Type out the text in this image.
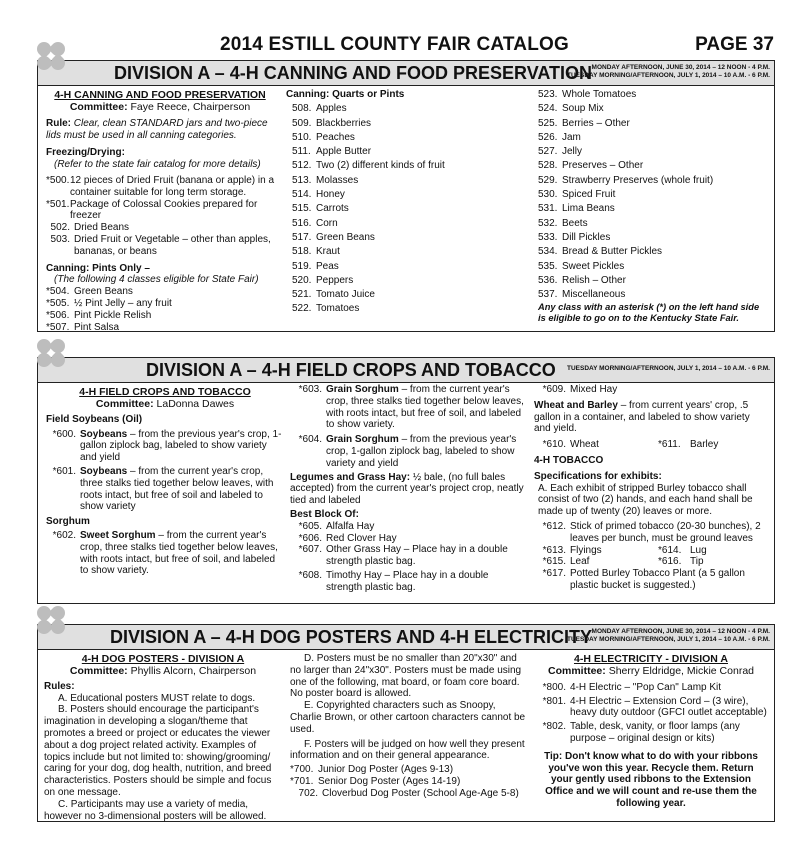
2014 ESTILL COUNTY FAIR CATALOG	PAGE 37
DIVISION A – 4-H CANNING AND FOOD PRESERVATION MONDAY AFTERNOON, JUNE 30, 2014 – 12 NOON - 4 P.M.
TUESDAY MORNING/AFTERNOON, JULY 1, 2014 – 10 A.M. - 6 P.M.
4-H CANNING AND FOOD PRESERVATION
Committee: Faye Reece, Chairperson

Rule: Clear, clean STANDARD jars and two-piece lids must be used in all canning categories.

Freezing/Drying:

(Refer to the state fair catalog for more details)

*500. 12 pieces of Dried Fruit (banana or apple) in a container suitable for long term storage.
*501. Package of Colossal Cookies prepared for freezer
502. Dried Beans
503. Dried Fruit or Vegetable – other than apples, bananas, or beans

Canning: Pints Only –

(The following 4 classes eligible for State Fair)

*504. Green Beans
*505. ½ Pint Jelly – any fruit
*506. Pint Pickle Relish
*507. Pint Salsa

Canning: Quarts or Pints

508. Apples
509. Blackberries
510. Peaches
511. Apple Butter
512. Two (2) different kinds of fruit
513. Molasses
514. Honey
515. Carrots
516. Corn
517. Green Beans
518. Kraut
519. Peas
520. Peppers
521. Tomato Juice
522. Tomatoes
523. Whole Tomatoes
524. Soup Mix
525. Berries – Other
526. Jam
527. Jelly
528. Preserves – Other
529. Strawberry Preserves (whole fruit)
530. Spiced Fruit
531. Lima Beans
532. Beets
533. Dill Pickles
534. Bread & Butter Pickles
535. Sweet Pickles
536. Relish – Other
537. Miscellaneous

Any class with an asterisk (*) on the left hand side is eligible to go on to the Kentucky State Fair.

DIVISION A – 4-H FIELD CROPS AND TOBACCO TUESDAY MORNING/AFTERNOON, JULY 1, 2014 – 10 A.M. - 6 P.M.
4-H FIELD CROPS AND TOBACCO
Committee: LaDonna Dawes

Field Soybeans (Oil)

*600. Soybeans – from the previous year's crop, 1-gallon ziplock bag, labeled to show variety and yield
*601. Soybeans – from the current year's crop, three stalks tied together below leaves, with roots intact, but free of soil and labeled to show variety

Sorghum

*602. Sweet Sorghum – from the current year's crop, three stalks tied together below leaves, with roots intact, but free of soil, and labeled to show variety.
*603. Grain Sorghum – from the current year's crop, three stalks tied together below leaves, with roots intact, but free of soil, and labeled to show variety.
*604. Grain Sorghum – from the previous year's crop, 1-gallon ziplock bag, labeled to show variety and yield

Legumes and Grass Hay: ½ bale, (no full bales accepted) from the current year's project crop, neatly tied and labeled

Best Block Of:

*605. Alfalfa Hay
*606. Red Clover Hay
*607. Other Grass Hay – Place hay in a double strength plastic bag.
*608. Timothy Hay – Place hay in a double strength plastic bag.
*609. Mixed Hay

Wheat and Barley – from current years' crop, .5 gallon in a container, and labeled to show variety and yield.

*610. Wheat	*611. Barley

4-H TOBACCO

Specifications for exhibits:

A. Each exhibit of stripped Burley tobacco shall consist of two (2) hands, and each hand shall be made up of twenty (20) leaves or more.

*612. Stick of primed tobacco (20-30 bunches), 2 leaves per bunch, must be ground leaves
*613. Flyings	*614. Lug
*615. Leaf	*616. Tip
*617. Potted Burley Tobacco Plant (a 5 gallon plastic bucket is suggested.)
DIVISION A – 4-H DOG POSTERS AND 4-H ELECTRICITY MONDAY AFTERNOON, JUNE 30, 2014 – 12 NOON - 4 P.M.
TUESDAY MORNING/AFTERNOON, JULY 1, 2014 – 10 A.M. - 6 P.M.
4-H DOG POSTERS - DIVISION A
Committee: Phyllis Alcorn, Chairperson

Rules:

A. Educational posters MUST relate to dogs.

B. Posters should encourage the participant's imagination in developing a slogan/theme that promotes a breed or project or educates the viewer about a dog project related activity. Examples of topics include but not limited to: showing/grooming/ caring for your dog, dog health, nutrition, and breed characteristics. Posters should be simple and focus on one message.

C. Participants may use a variety of media, however no 3-dimensional posters will be allowed.

D. Posters must be no smaller than 20"x30" and no larger than 24"x30". Posters must be made using one of the following, mat board, or foam core board. No poster board is allowed.

E. Copyrighted characters such as Snoopy, Charlie Brown, or other cartoon characters cannot be used.

F. Posters will be judged on how well they present information and on their general appearance.

*700. Junior Dog Poster (Ages 9-13)
*701. Senior Dog Poster (Ages 14-19)
702. Cloverbud Dog Poster (School Age-Age 5-8)
4-H ELECTRICITY - DIVISION A
Committee: Sherry Eldridge, Mickie Conrad
*800. 4-H Electric – "Pop Can" Lamp Kit
*801. 4-H Electric – Extension Cord – (3 wire), heavy duty outdoor (GFCI outlet acceptable)
*802. Table, desk, vanity, or floor lamps (any purpose – original design or kits)

Tip: Don't know what to do with your ribbons you've won this year. Recycle them. Return your gently used ribbons to the Extension Office and we will count and re-use them the following year.
